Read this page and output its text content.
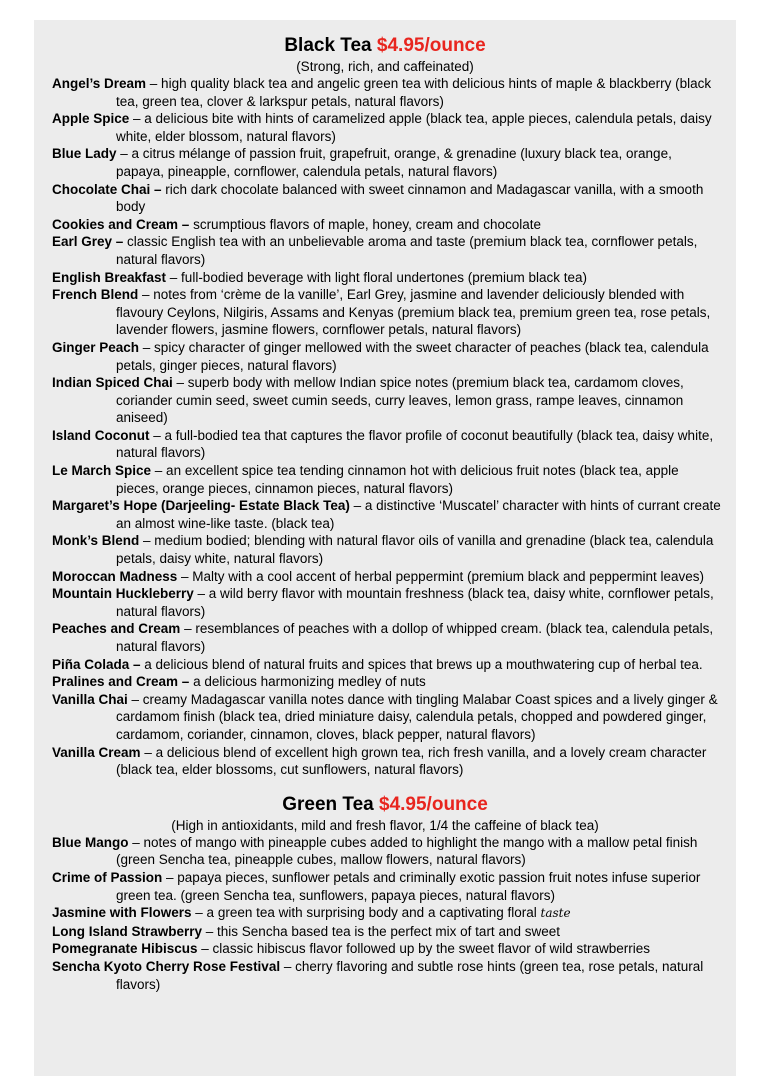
Black Tea $4.95/ounce

(Strong, rich, and caffeinated)

Angel’s Dream – high quality black tea and angelic green tea with delicious hints of maple & blackberry (black tea, green tea, clover & larkspur petals, natural flavors)
Apple Spice – a delicious bite with hints of caramelized apple (black tea, apple pieces, calendula petals, daisy white, elder blossom, natural flavors)
Blue Lady – a citrus mélange of passion fruit, grapefruit, orange, & grenadine (luxury black tea, orange, papaya, pineapple, cornflower, calendula petals, natural flavors)
Chocolate Chai – rich dark chocolate balanced with sweet cinnamon and Madagascar vanilla, with a smooth body
Cookies and Cream – scrumptious flavors of maple, honey, cream and chocolate
Earl Grey – classic English tea with an unbelievable aroma and taste (premium black tea, cornflower petals, natural flavors)
English Breakfast – full-bodied beverage with light floral undertones (premium black tea)
French Blend – notes from ‘crème de la vanille’, Earl Grey, jasmine and lavender deliciously blended with flavoury Ceylons, Nilgiris, Assams and Kenyas (premium black tea, premium green tea, rose petals, lavender flowers, jasmine flowers, cornflower petals, natural flavors)
Ginger Peach – spicy character of ginger mellowed with the sweet character of peaches (black tea, calendula petals, ginger pieces, natural flavors)
Indian Spiced Chai – superb body with mellow Indian spice notes (premium black tea, cardamom cloves, coriander cumin seed, sweet cumin seeds, curry leaves, lemon grass, rampe leaves, cinnamon aniseed)
Island Coconut – a full-bodied tea that captures the flavor profile of coconut beautifully (black tea, daisy white, natural flavors)
Le March Spice – an excellent spice tea tending cinnamon hot with delicious fruit notes (black tea, apple pieces, orange pieces, cinnamon pieces, natural flavors)
Margaret’s Hope (Darjeeling- Estate Black Tea) – a distinctive ‘Muscatel’ character with hints of currant create an almost wine-like taste. (black tea)
Monk’s Blend – medium bodied; blending with natural flavor oils of vanilla and grenadine (black tea, calendula petals, daisy white, natural flavors)
Moroccan Madness – Malty with a cool accent of herbal peppermint (premium black and peppermint leaves)
Mountain Huckleberry – a wild berry flavor with mountain freshness (black tea, daisy white, cornflower petals, natural flavors)
Peaches and Cream – resemblances of peaches with a dollop of whipped cream. (black tea, calendula petals, natural flavors)
Piña Colada – a delicious blend of natural fruits and spices that brews up a mouthwatering cup of herbal tea.
Pralines and Cream – a delicious harmonizing medley of nuts
Vanilla Chai – creamy Madagascar vanilla notes dance with tingling Malabar Coast spices and a lively ginger & cardamom finish (black tea, dried miniature daisy, calendula petals, chopped and powdered ginger, cardamom, coriander, cinnamon, cloves, black pepper, natural flavors)
Vanilla Cream – a delicious blend of excellent high grown tea, rich fresh vanilla, and a lovely cream character (black tea, elder blossoms, cut sunflowers, natural flavors)
Green Tea $4.95/ounce

(High in antioxidants, mild and fresh flavor, 1/4 the caffeine of black tea)

Blue Mango – notes of mango with pineapple cubes added to highlight the mango with a mallow petal finish (green Sencha tea, pineapple cubes, mallow flowers, natural flavors)
Crime of Passion – papaya pieces, sunflower petals and criminally exotic passion fruit notes infuse superior green tea. (green Sencha tea, sunflowers, papaya pieces, natural flavors)
Jasmine with Flowers – a green tea with surprising body and a captivating floral taste
Long Island Strawberry – this Sencha based tea is the perfect mix of tart and sweet
Pomegranate Hibiscus – classic hibiscus flavor followed up by the sweet flavor of wild strawberries
Sencha Kyoto Cherry Rose Festival – cherry flavoring and subtle rose hints (green tea, rose petals, natural flavors)
